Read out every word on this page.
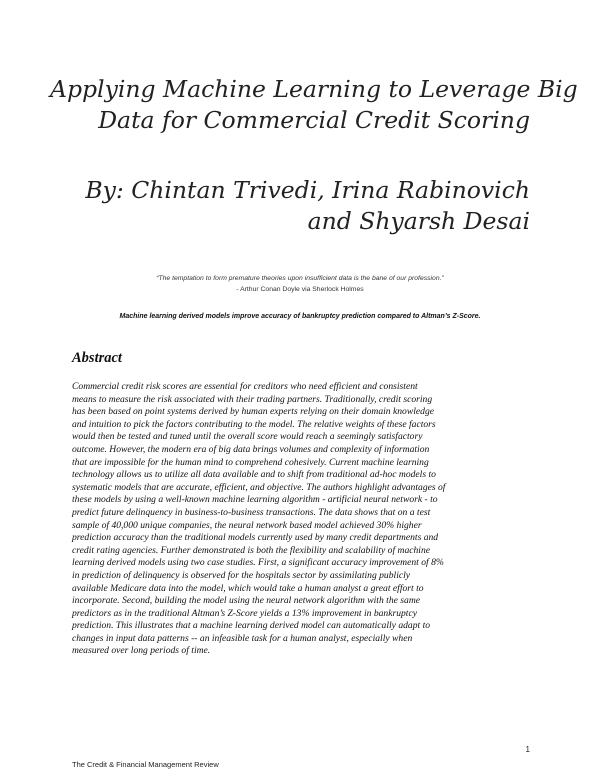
Applying Machine Learning to Leverage Big
Data for Commercial Credit Scoring
By: Chintan Trivedi, Irina Rabinovich
and Shyarsh Desai
“The temptation to form premature theories upon insufficient data is the bane of our profession.”
- Arthur Conan Doyle via Sherlock Holmes
Machine learning derived models improve accuracy of bankruptcy prediction compared to Altman’s Z-Score.
Abstract
Commercial credit risk scores are essential for creditors who need efficient and consistent
means to measure the risk associated with their trading partners. Traditionally, credit scoring
has been based on point systems derived by human experts relying on their domain knowledge
and intuition to pick the factors contributing to the model. The relative weights of these factors
would then be tested and tuned until the overall score would reach a seemingly satisfactory
outcome. However, the modern era of big data brings volumes and complexity of information
that are impossible for the human mind to comprehend cohesively. Current machine learning
technology allows us to utilize all data available and to shift from traditional ad-hoc models to
systematic models that are accurate, efficient, and objective. The authors highlight advantages of
these models by using a well-known machine learning algorithm - artificial neural network - to
predict future delinquency in business-to-business transactions. The data shows that on a test
sample of 40,000 unique companies, the neural network based model achieved 30% higher
prediction accuracy than the traditional models currently used by many credit departments and
credit rating agencies. Further demonstrated is both the flexibility and scalability of machine
learning derived models using two case studies. First, a significant accuracy improvement of 8%
in prediction of delinquency is observed for the hospitals sector by assimilating publicly
available Medicare data into the model, which would take a human analyst a great effort to
incorporate. Second, building the model using the neural network algorithm with the same
predictors as in the traditional Altman’s Z-Score yields a 13% improvement in bankruptcy
prediction. This illustrates that a machine learning derived model can automatically adapt to
changes in input data patterns -- an infeasible task for a human analyst, especially when
measured over long periods of time.
1
The Credit & Financial Management Review
